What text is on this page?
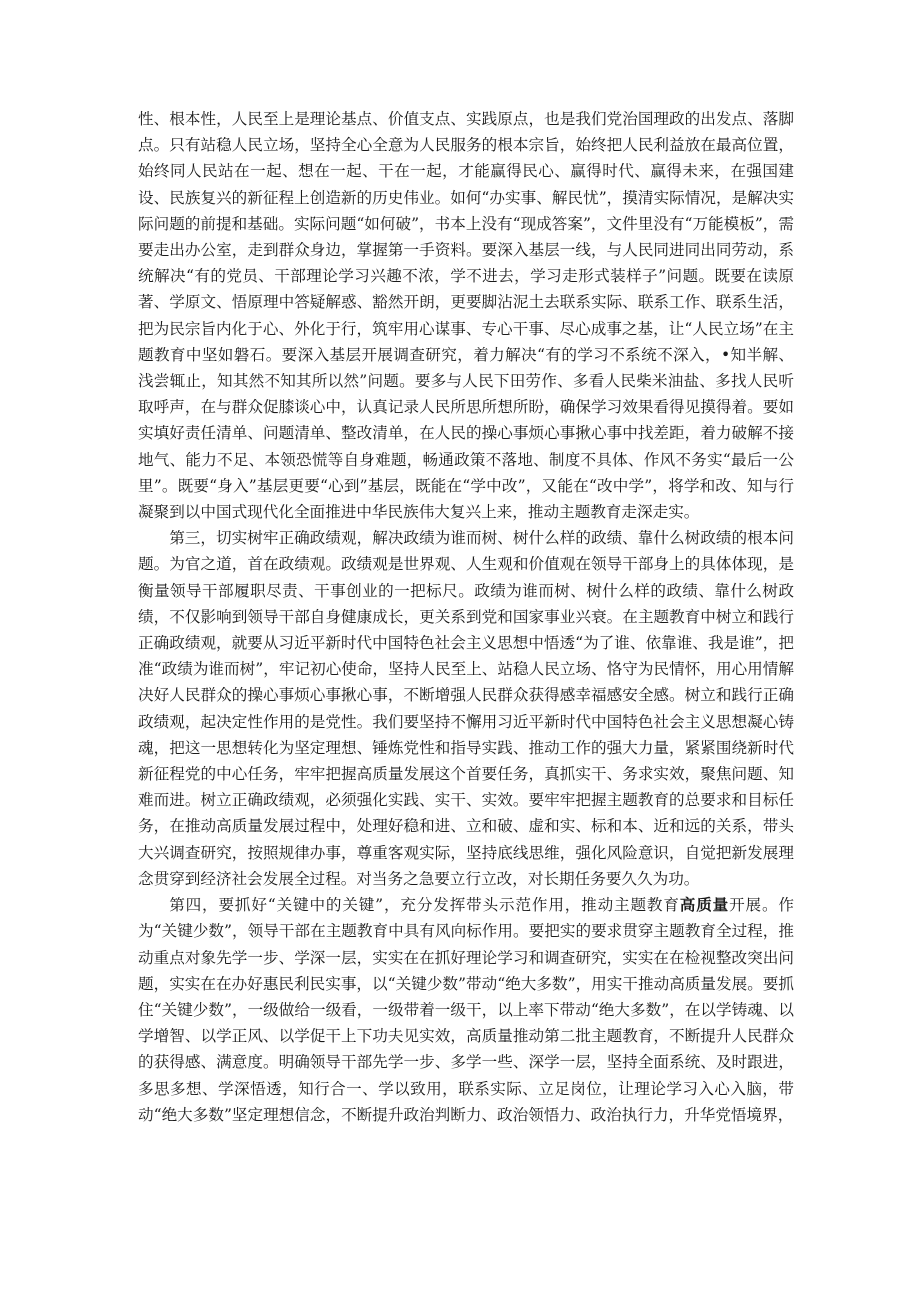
性、根本性，人民至上是理论基点、价值支点、实践原点，也是我们党治国理政的出发点、落脚点。只有站稳人民立场，坚持全心全意为人民服务的根本宗旨，始终把人民利益放在最高位置，始终同人民站在一起、想在一起、干在一起，才能赢得民心、赢得时代、赢得未来，在强国建设、民族复兴的新征程上创造新的历史伟业。如何“办实事、解民忧”，摸清实际情况，是解决实际问题的前提和基础。实际问题“如何破”，书本上没有“现成答案”，文件里没有“万能模板”，需要走出办公室，走到群众身边，掌握第一手资料。要深入基层一线，与人民同进同出同劳动，系统解决“有的党员、干部理论学习兴趣不浓，学不进去，学习走形式装样子”问题。既要在读原著、学原文、悟原理中答疑解惑、豁然开朗，更要脚沾泥土去联系实际、联系工作、联系生活，把为民宗旨内化于心、外化于行，筑牢用心谋事、专心干事、尽心成事之基，让“人民立场”在主题教育中坚如磐石。要深入基层开展调查研究，着力解决“有的学习不系统不深入，•知半解、浅尝辄止，知其然不知其所以然”问题。要多与人民下田劳作、多看人民柴米油盐、多找人民听取呼声，在与群众促膝谈心中，认真记录人民所思所想所盼，确保学习效果看得见摸得着。要如实填好责任清单、问题清单、整改清单，在人民的操心事烦心事揪心事中找差距，着力破解不接地气、能力不足、本领恐慌等自身难题，畅通政策不落地、制度不具体、作风不务实“最后一公里”。既要“身入”基层更要“心到”基层，既能在“学中改”，又能在“改中学”，将学和改、知与行凝聚到以中国式现代化全面推进中华民族伟大复兴上来，推动主题教育走深走实。

第三，切实树牢正确政绩观，解决政绩为谁而树、树什么样的政绩、靠什么树政绩的根本问题。为官之道，首在政绩观。政绩观是世界观、人生观和价值观在领导干部身上的具体体现，是衡量领导干部履职尽责、干事创业的一把标尺。政绩为谁而树、树什么样的政绩、靠什么树政绩，不仅影响到领导干部自身健康成长，更关系到党和国家事业兴衰。在主题教育中树立和践行正确政绩观，就要从习近平新时代中国特色社会主义思想中悟透“为了谁、依靠谁、我是谁”，把准“政绩为谁而树”，牢记初心使命，坚持人民至上、站稳人民立场、恪守为民情怀，用心用情解决好人民群众的操心事烦心事揪心事，不断增强人民群众获得感幸福感安全感。树立和践行正确政绩观，起决定性作用的是党性。我们要坚持不懈用习近平新时代中国特色社会主义思想凝心铸魂，把这一思想转化为坚定理想、锤炼党性和指导实践、推动工作的强大力量，紧紧围绕新时代新征程党的中心任务，牢牢把握高质量发展这个首要任务，真抓实干、务求实效，聚焦问题、知难而进。树立正确政绩观，必须强化实践、实干、实效。要牢牢把握主题教育的总要求和目标任务，在推动高质量发展过程中，处理好稳和进、立和破、虚和实、标和本、近和远的关系，带头大兴调查研究，按照规律办事，尊重客观实际，坚持底线思维，强化风险意识，自觉把新发展理念贯穿到经济社会发展全过程。对当务之急要立行立改，对长期任务要久久为功。

第四，要抓好“关键中的关键”，充分发挥带头示范作用，推动主题教育高质量开展。作为“关键少数”，领导干部在主题教育中具有风向标作用。要把实的要求贯穿主题教育全过程，推动重点对象先学一步、学深一层，实实在在抓好理论学习和调查研究，实实在在检视整改突出问题，实实在在办好惠民利民实事，以“关键少数”带动“绝大多数”，用实干推动高质量发展。要抓住“关键少数”，一级做给一级看，一级带着一级干，以上率下带动“绝大多数”，在以学铸魂、以学增智、以学正风、以学促干上下功夫见实效，高质量推动第二批主题教育，不断提升人民群众的获得感、满意度。明确领导干部先学一步、多学一些、深学一层，坚持全面系统、及时跟进，多思多想、学深悟透，知行合一、学以致用，联系实际、立足岗位，让理论学习入心入脑，带动“绝大多数”坚定理想信念，不断提升政治判断力、政治领悟力、政治执行力，升华党悟境界，
